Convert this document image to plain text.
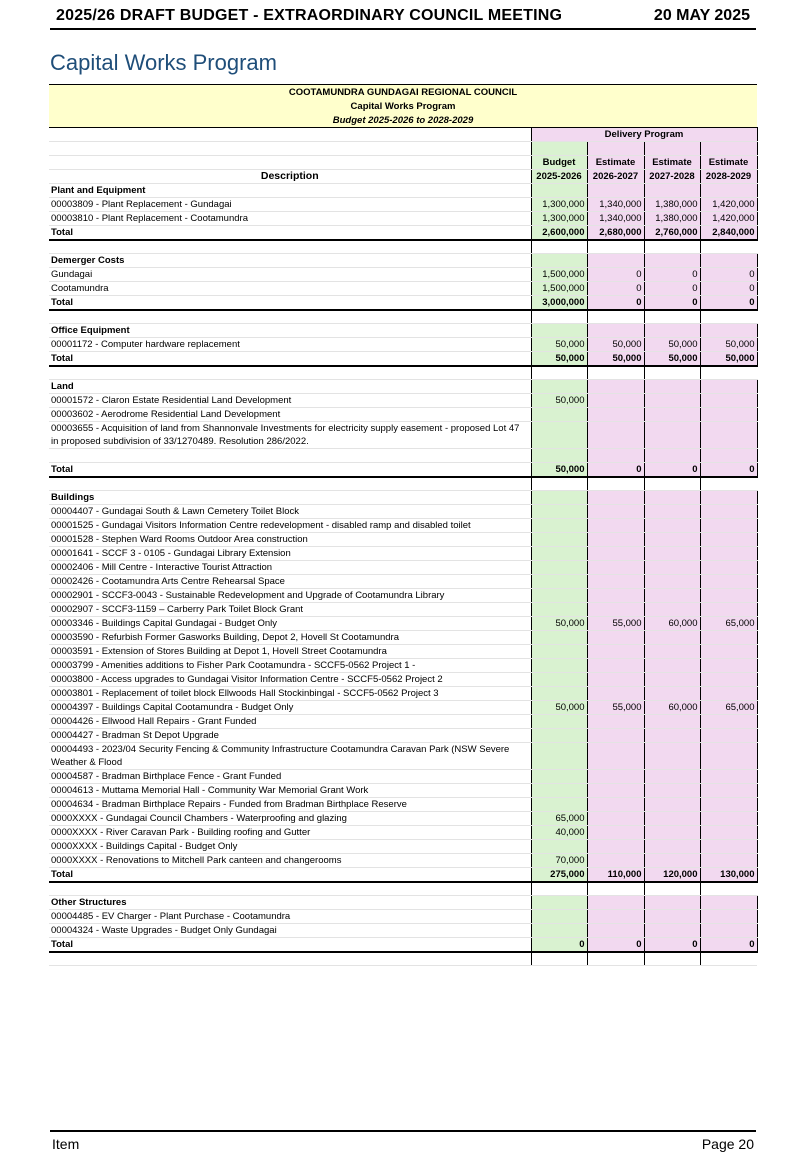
2025/26 DRAFT BUDGET - EXTRAORDINARY COUNCIL MEETING	20 MAY 2025
Capital Works Program
COOTAMUNDRA GUNDAGAI REGIONAL COUNCIL				
Capital Works Program				
Budget 2025-2026 to 2028-2029				
	Delivery Program			

	Budget	Estimate	Estimate	Estimate
Description	2025-2026	2026-2027	2027-2028	2028-2029
Plant and Equipment				
00003809 - Plant Replacement - Gundagai	1,300,000	1,340,000	1,380,000	1,420,000
00003810 - Plant Replacement - Cootamundra	1,300,000	1,340,000	1,380,000	1,420,000
Total	2,600,000	2,680,000	2,760,000	2,840,000

Demerger Costs				
Gundagai	1,500,000	0	0	0
Cootamundra	1,500,000	0	0	0
Total	3,000,000	0	0	0

Office Equipment				
00001172 - Computer hardware replacement	50,000	50,000	50,000	50,000
Total	50,000	50,000	50,000	50,000

Land				
00001572 - Claron Estate Residential Land Development	50,000			
00003602 - Aerodrome Residential Land Development				
00003655 - Acquisition of land from Shannonvale Investments for electricity supply easement - proposed Lot 47 in proposed subdivision of 33/1270489. Resolution 286/2022.				

Total	50,000	0	0	0

Buildings				
00004407 - Gundagai South & Lawn Cemetery Toilet Block				
00001525 - Gundagai Visitors Information Centre redevelopment - disabled ramp and disabled toilet				
00001528 - Stephen Ward Rooms Outdoor Area construction				
00001641 - SCCF 3 - 0105 - Gundagai Library Extension				
00002406 - Mill Centre - Interactive Tourist Attraction				
00002426 - Cootamundra Arts Centre Rehearsal Space				
00002901 - SCCF3-0043 - Sustainable Redevelopment and Upgrade of Cootamundra Library				
00002907 - SCCF3-1159 – Carberry Park Toilet Block Grant				
00003346 - Buildings Capital Gundagai - Budget Only	50,000	55,000	60,000	65,000
00003590 - Refurbish Former Gasworks Building, Depot 2, Hovell St Cootamundra				
00003591 - Extension of Stores Building at Depot 1, Hovell Street Cootamundra				
00003799 - Amenities additions to Fisher Park Cootamundra - SCCF5-0562 Project 1 -				
00003800 - Access upgrades to Gundagai Visitor Information Centre - SCCF5-0562 Project 2				
00003801 - Replacement of toilet block Ellwoods Hall Stockinbingal - SCCF5-0562 Project 3				
00004397 - Buildings Capital Cootamundra - Budget Only	50,000	55,000	60,000	65,000
00004426 - Ellwood Hall Repairs - Grant Funded				
00004427 - Bradman St Depot Upgrade				
00004493 - 2023/04 Security Fencing & Community Infrastructure Cootamundra Caravan Park (NSW Severe Weather & Flood				
00004587 - Bradman Birthplace Fence - Grant Funded				
00004613 - Muttama Memorial Hall - Community War Memorial Grant Work				
00004634 - Bradman Birthplace Repairs - Funded from Bradman Birthplace Reserve				
0000XXXX - Gundagai Council Chambers - Waterproofing and glazing	65,000			
0000XXXX - River Caravan Park - Building roofing and Gutter	40,000			
0000XXXX - Buildings Capital - Budget Only				
0000XXXX - Renovations to Mitchell Park canteen and changerooms	70,000			
Total	275,000	110,000	120,000	130,000

Other Structures				
00004485 - EV Charger - Plant Purchase - Cootamundra				
00004324 - Waste Upgrades - Budget Only Gundagai				
Total	0	0	0	0

Item	Page 20
